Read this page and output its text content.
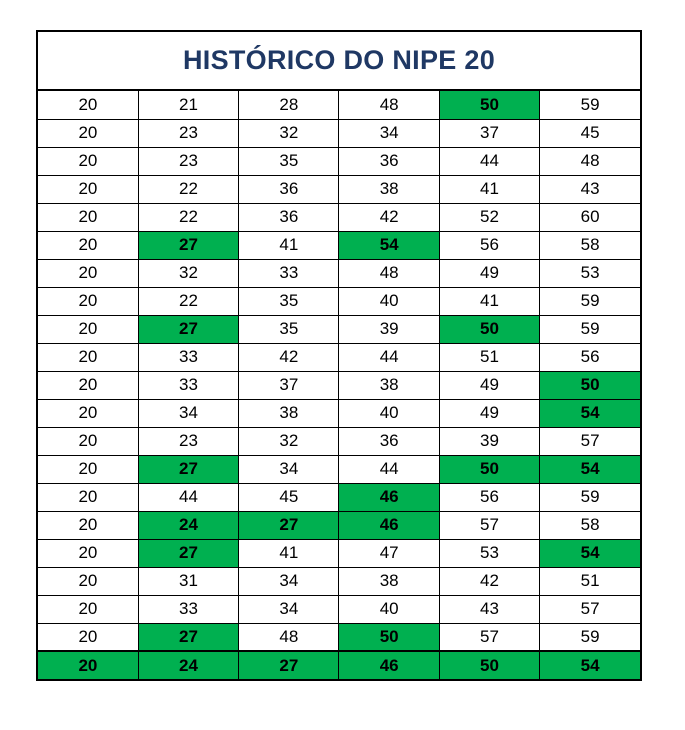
HISTÓRICO DO NIPE 20
20	21	28	48	50	59
20	23	32	34	37	45
20	23	35	36	44	48
20	22	36	38	41	43
20	22	36	42	52	60
20	27	41	54	56	58
20	32	33	48	49	53
20	22	35	40	41	59
20	27	35	39	50	59
20	33	42	44	51	56
20	33	37	38	49	50
20	34	38	40	49	54
20	23	32	36	39	57
20	27	34	44	50	54
20	44	45	46	56	59
20	24	27	46	57	58
20	27	41	47	53	54
20	31	34	38	42	51
20	33	34	40	43	57
20	27	48	50	57	59
20	24	27	46	50	54
